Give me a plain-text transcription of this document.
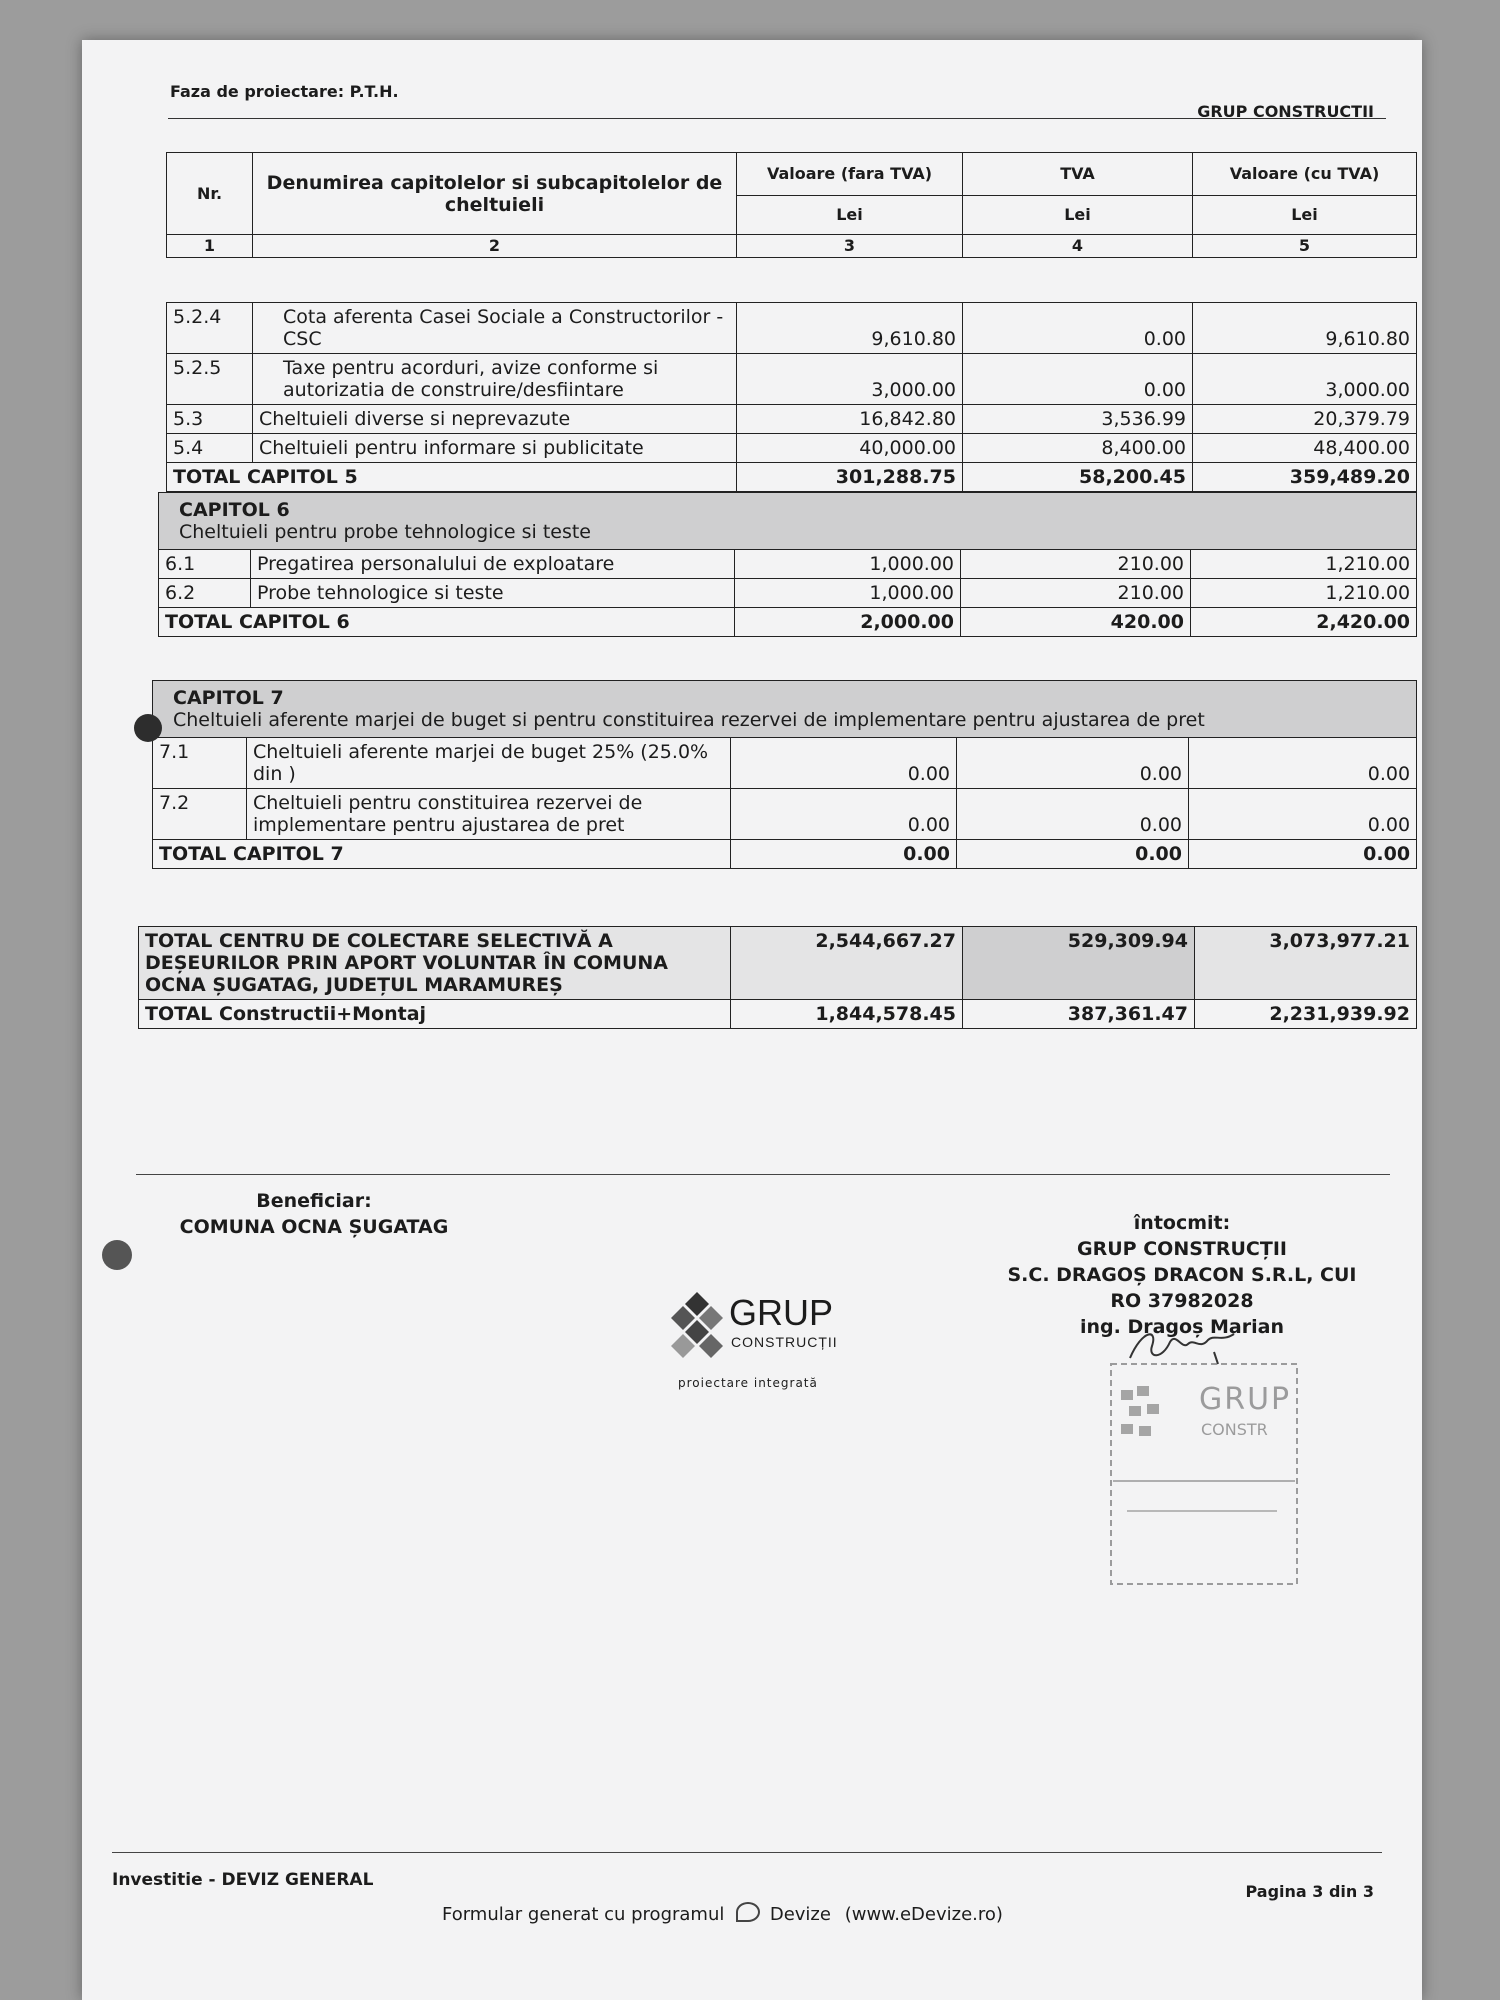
Faza de proiectare: P.T.H.
GRUP CONSTRUCTII
Nr.	Denumirea capitolelor si subcapitolelor de cheltuieli	Valoare (fara TVA)	TVA	Valoare (cu TVA)
		Lei	Lei	Lei
1	2	3	4	5
5.2.4	Cota aferenta Casei Sociale a Constructorilor - CSC	9,610.80	0.00	9,610.80
5.2.5	Taxe pentru acorduri, avize conforme si autorizatia de construire/desfiintare	3,000.00	0.00	3,000.00
5.3	Cheltuieli diverse si neprevazute	16,842.80	3,536.99	20,379.79
5.4	Cheltuieli pentru informare si publicitate	40,000.00	8,400.00	48,400.00
TOTAL CAPITOL 5		301,288.75	58,200.45	359,489.20
CAPITOL 6
Cheltuieli pentru probe tehnologice si teste				

6.1	Pregatirea personalului de exploatare	1,000.00	210.00	1,210.00
6.2	Probe tehnologice si teste	1,000.00	210.00	1,210.00
TOTAL CAPITOL 6		2,000.00	420.00	2,420.00
CAPITOL 7
Cheltuieli aferente marjei de buget si pentru constituirea rezervei de implementare pentru ajustarea de pret				

7.1	Cheltuieli aferente marjei de buget 25% (25.0% din )	0.00	0.00	0.00
7.2	Cheltuieli pentru constituirea rezervei de implementare pentru ajustarea de pret	0.00	0.00	0.00
TOTAL CAPITOL 7		0.00	0.00	0.00
TOTAL CENTRU DE COLECTARE SELECTIVĂ A DEȘEURILOR PRIN APORT VOLUNTAR ÎN COMUNA OCNA ȘUGATAG, JUDEȚUL MARAMUREȘ	2,544,667.27	529,309.94	3,073,977.21
TOTAL Constructii+Montaj	1,844,578.45	387,361.47	2,231,939.92
Beneficiar:
COMUNA OCNA ȘUGATAG	întocmit:
GRUP CONSTRUCȚII
S.C. DRAGOȘ DRACON S.R.L, CUI
RO 37982028
ing. Dragoș Marian
GRUP
CONSTRUCȚII
proiectare integrată	GRUP
CONSTR
Investitie - DEVIZ GENERAL
Formular generat cu programul	Devize (www.eDevize.ro)
Pagina 3 din 3
